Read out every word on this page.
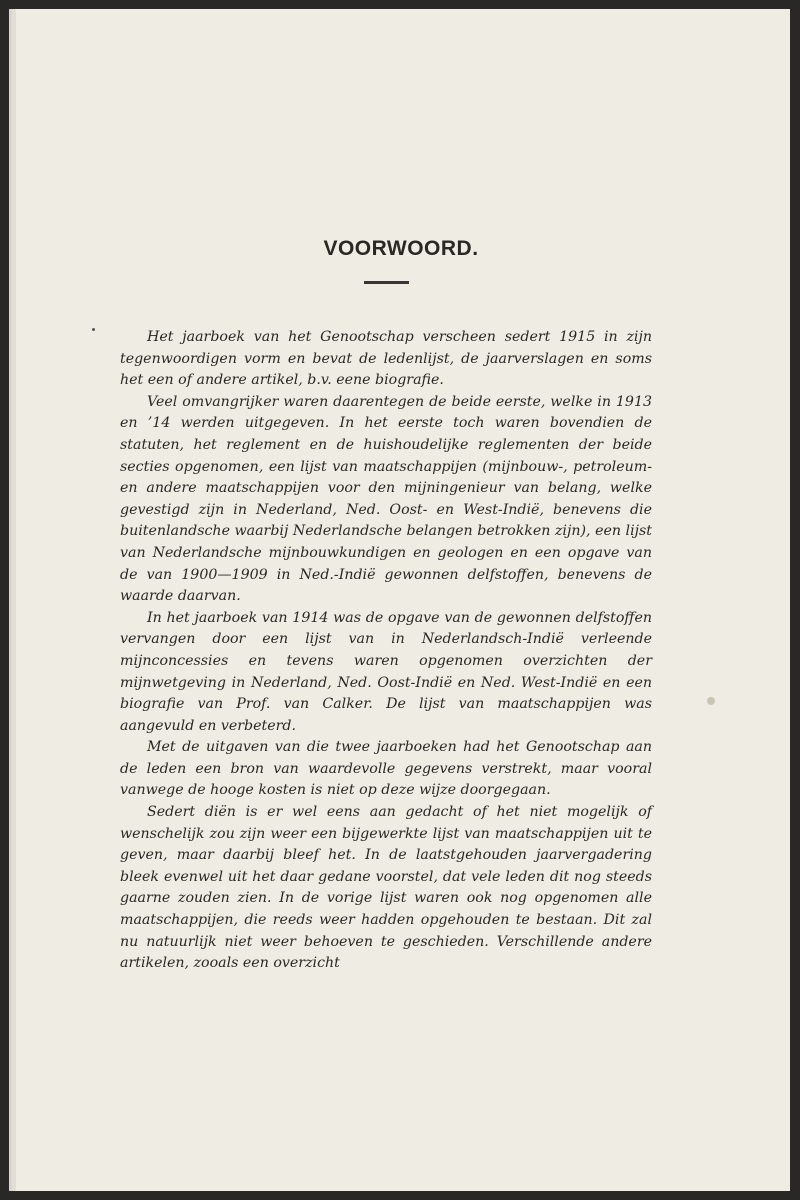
VOORWOORD.

Het jaarboek van het Genootschap verscheen sedert 1915 in zijn tegenwoordigen vorm en bevat de ledenlijst, de jaarverslagen en soms het een of andere artikel, b.v. eene biografie.

Veel omvangrijker waren daarentegen de beide eerste, welke in 1913 en ’14 werden uitgegeven. In het eerste toch waren bovendien de statuten, het reglement en de huishoudelijke reglementen der beide secties opgenomen, een lijst van maatschappijen (mijnbouw-, petroleum- en andere maatschappijen voor den mijningenieur van belang, welke gevestigd zijn in Nederland, Ned. Oost- en West-Indië, benevens die buitenlandsche waarbij Nederlandsche belangen betrokken zijn), een lijst van Nederlandsche mijnbouwkundigen en geologen en een opgave van de van 1900—1909 in Ned.-Indië gewonnen delfstoffen, benevens de waarde daarvan.

In het jaarboek van 1914 was de opgave van de gewonnen delfstoffen vervangen door een lijst van in Nederlandsch-Indië verleende mijnconcessies en tevens waren opgenomen overzichten der mijnwetgeving in Nederland, Ned. Oost-Indië en Ned. West-Indië en een biografie van Prof. van Calker. De lijst van maatschappijen was aangevuld en verbeterd.

Met de uitgaven van die twee jaarboeken had het Genootschap aan de leden een bron van waardevolle gegevens verstrekt, maar vooral vanwege de hooge kosten is niet op deze wijze doorgegaan.

Sedert diën is er wel eens aan gedacht of het niet mogelijk of wenschelijk zou zijn weer een bijgewerkte lijst van maatschappijen uit te geven, maar daarbij bleef het. In de laatstgehouden jaarvergadering bleek evenwel uit het daar gedane voorstel, dat vele leden dit nog steeds gaarne zouden zien. In de vorige lijst waren ook nog opgenomen alle maatschappijen, die reeds weer hadden opgehouden te bestaan. Dit zal nu natuurlijk niet weer behoeven te geschieden. Verschillende andere artikelen, zooals een overzicht
